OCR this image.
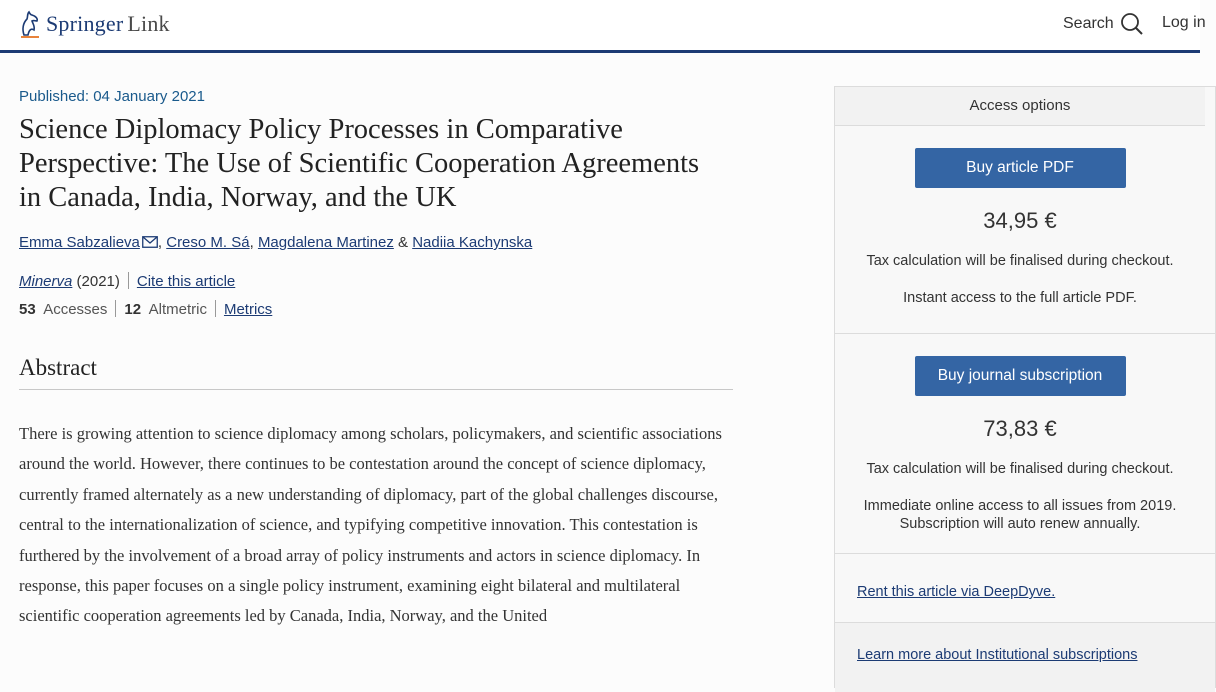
Springer Link	Search	Log in
Published: 04 January 2021
Science Diplomacy Policy Processes in Comparative Perspective: The Use of Scientific Cooperation Agreements in Canada, India, Norway, and the UK
Emma Sabzalieva , Creso M. Sá, Magdalena Martinez & Nadiia Kachynska
Minerva (2021) Cite this article
53 Accesses 12 Altmetric Metrics
Abstract

There is growing attention to science diplomacy among scholars, policymakers, and scientific associations around the world. However, there continues to be contestation around the concept of science diplomacy, currently framed alternately as a new understanding of diplomacy, part of the global challenges discourse, central to the internationalization of science, and typifying competitive innovation. This contestation is furthered by the involvement of a broad array of policy instruments and actors in science diplomacy. In response, this paper focuses on a single policy instrument, examining eight bilateral and multilateral scientific cooperation agreements led by Canada, India, Norway, and the United

Access options
Buy article PDF
34,95 €
Tax calculation will be finalised during checkout.
Instant access to the full article PDF.
Buy journal subscription
73,83 €
Tax calculation will be finalised during checkout.
Immediate online access to all issues from 2019.
Subscription will auto renew annually.
Rent this article via DeepDyve.
Learn more about Institutional subscriptions
